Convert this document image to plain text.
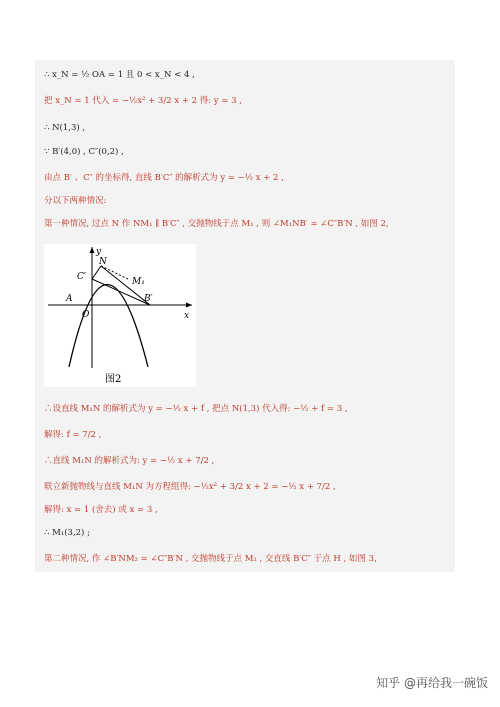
∴ x_N = ½ OA = 1 且 0 < x_N < 4 ,
把 x_N = 1 代入 = −½x² + 3/2 x + 2 得: y = 3 ,
∴ N(1,3) ,
∵ B′(4,0) , C″(0,2) ,
由点 B′ 、C″ 的坐标得, 直线 B′C″ 的解析式为 y = −½ x + 2 ,
分以下两种情况:
第一种情况, 过点 N 作 NM₁ ∥ B′C″ , 交抛物线于点 M₁ , 则 ∠M₁NB′ = ∠C″B′N , 如图 2,
y
x
N
C′	M₁
A	B′
O
图2
∴设直线 M₁N 的解析式为 y = −½ x + f , 把点 N(1,3) 代入得: −½ + f = 3 ,
解得: f = 7/2 ,
∴直线 M₁N 的解析式为: y = −½ x + 7/2 ,
联立新抛物线与直线 M₁N 为方程组得: −½x² + 3/2 x + 2 = −½ x + 7/2 ,
解得: x = 1 (舍去) 或 x = 3 ,
∴ M₁(3,2) ;
第二种情况, 作 ∠B′NM₂ = ∠C″B′N , 交抛物线于点 M₂ , 交直线 B′C″ 于点 H , 如图 3,
知乎 @再给我一碗饭
